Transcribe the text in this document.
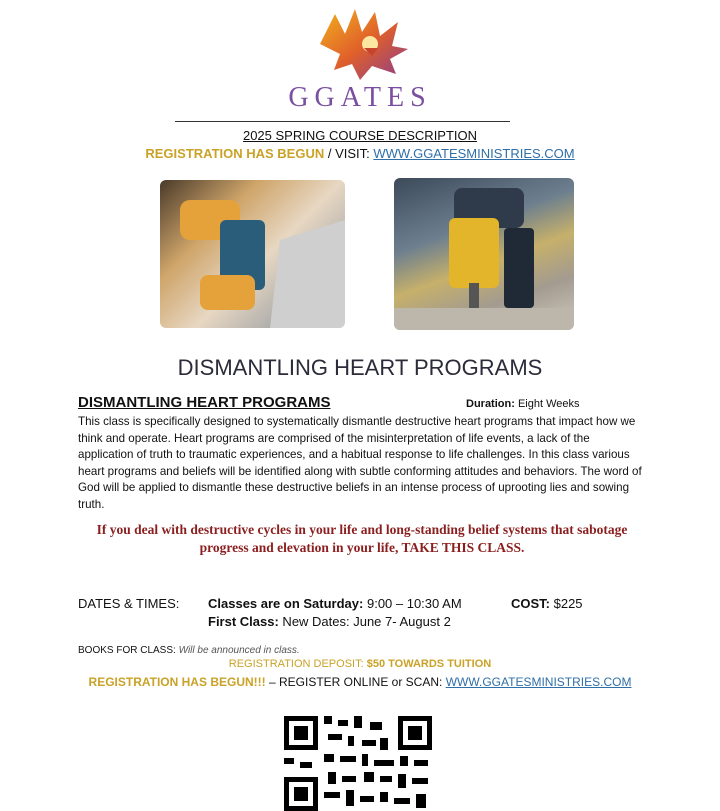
GGATES
2025 SPRING COURSE DESCRIPTION
REGISTRATION HAS BEGUN / VISIT: WWW.GGATESMINISTRIES.COM
DISMANTLING HEART PROGRAMS
DISMANTLING HEART PROGRAMS	Duration: Eight Weeks
This class is specifically designed to systematically dismantle destructive heart programs that impact how we think and operate. Heart programs are comprised of the misinterpretation of life events, a lack of the application of truth to traumatic experiences, and a habitual response to life challenges. In this class various heart programs and beliefs will be identified along with subtle conforming attitudes and behaviors. The word of God will be applied to dismantle these destructive beliefs in an intense process of uprooting lies and sowing truth.
If you deal with destructive cycles in your life and long-standing belief systems that sabotage progress and elevation in your life, TAKE THIS CLASS.
DATES & TIMES: Classes are on Saturday: 9:00 – 10:30 AM
First Class: New Dates: June 7- August 2
COST: $225
BOOKS FOR CLASS: Will be announced in class.
REGISTRATION DEPOSIT: $50 TOWARDS TUITION
REGISTRATION HAS BEGUN!!! – REGISTER ONLINE or SCAN: WWW.GGATESMINISTRIES.COM
